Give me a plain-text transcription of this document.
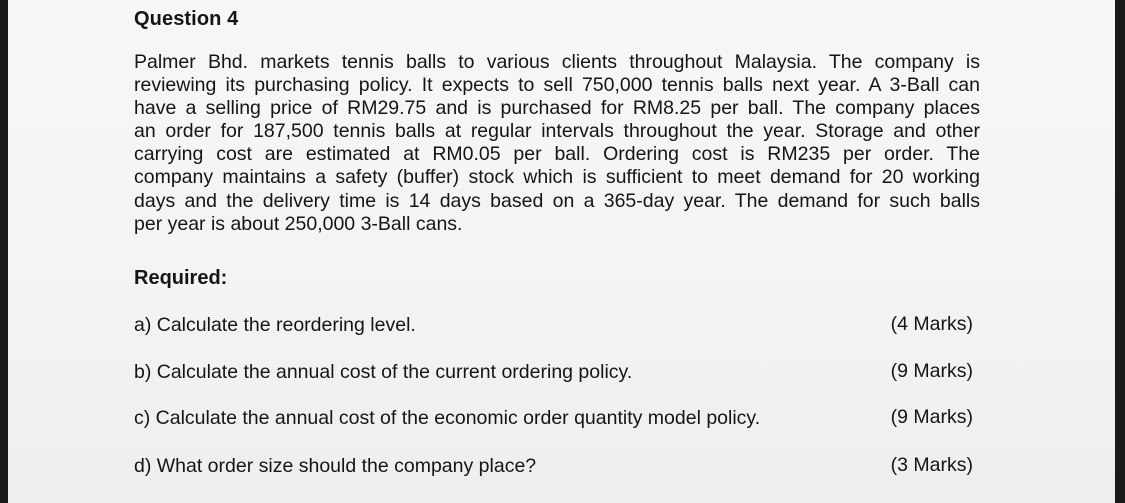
Question 4
Palmer Bhd. markets tennis balls to various clients throughout Malaysia. The company is
reviewing its purchasing policy. It expects to sell 750,000 tennis balls next year. A 3-Ball can
have a selling price of RM29.75 and is purchased for RM8.25 per ball. The company places
an order for 187,500 tennis balls at regular intervals throughout the year. Storage and other
carrying cost are estimated at RM0.05 per ball. Ordering cost is RM235 per order. The
company maintains a safety (buffer) stock which is sufficient to meet demand for 20 working
days and the delivery time is 14 days based on a 365-day year. The demand for such balls
per year is about 250,000 3-Ball cans.
Required:
a) Calculate the reordering level.	(4 Marks)
b) Calculate the annual cost of the current ordering policy.	(9 Marks)
c) Calculate the annual cost of the economic order quantity model policy.	(9 Marks)
d) What order size should the company place?	(3 Marks)
